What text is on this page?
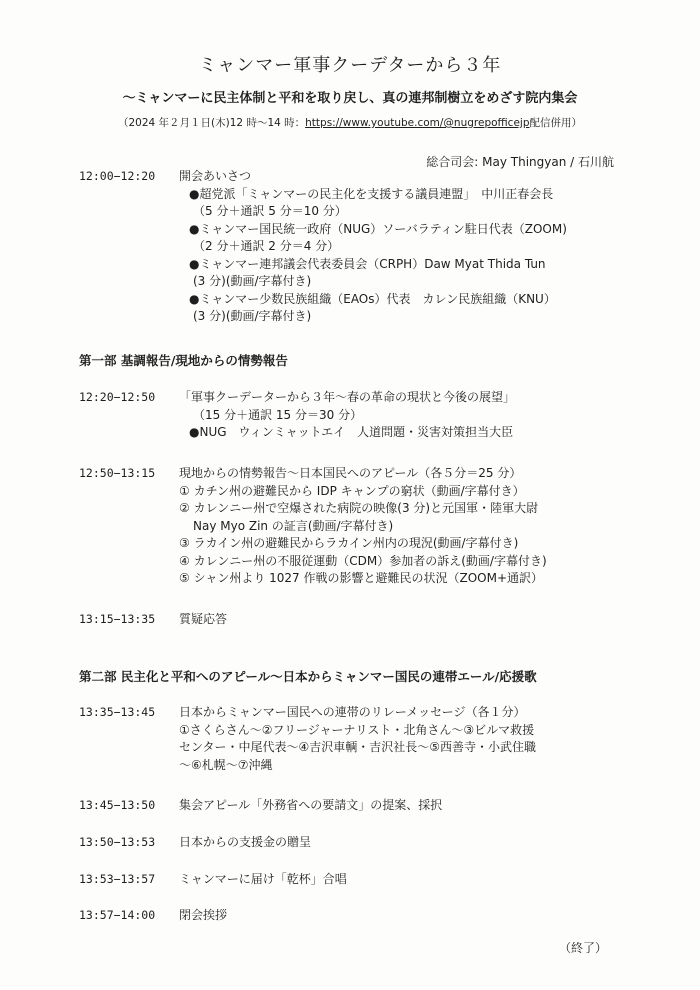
ミャンマー軍事クーデターから３年
〜ミャンマーに民主体制と平和を取り戻し、真の連邦制樹立をめざす院内集会
（2024 年２月１日(木)12 時〜14 時：https://www.youtube.com/@nugrepofficejp配信併用）
総合司会: May Thingyan / 石川航
12:00−12:20	開会あいさつ
●超党派「ミャンマーの民主化を支援する議員連盟」　中川正春会長
（5 分＋通訳 5 分＝10 分）
●ミャンマー国民統一政府（NUG）ソーバラティン駐日代表（ZOOM)
（2 分＋通訳 2 分＝4 分）
●ミャンマー連邦議会代表委員会（CRPH）Daw Myat Thida Tun
(3 分)(動画/字幕付き)
●ミャンマー少数民族組織（EAOs）代表　カレン民族組織（KNU）
(3 分)(動画/字幕付き)
第一部 基調報告/現地からの情勢報告
12:20−12:50	「軍事クーデーターから３年〜春の革命の現状と今後の展望」
（15 分＋通訳 15 分＝30 分）
●NUG　ウィンミャットエイ　人道問題・災害対策担当大臣
12:50−13:15	現地からの情勢報告〜日本国民へのアピール（各５分＝25 分）
① カチン州の避難民から IDP キャンプの窮状（動画/字幕付き）
② カレンニー州で空爆された病院の映像(3 分)と元国軍・陸軍大尉
Nay Myo Zin の証言(動画/字幕付き)
③ ラカイン州の避難民からラカイン州内の現況(動画/字幕付き)
④ カレンニー州の不服従運動（CDM）参加者の訴え(動画/字幕付き)
⑤ シャン州より 1027 作戦の影響と避難民の状況（ZOOM+通訳）
13:15−13:35	質疑応答
第二部 民主化と平和へのアピール〜日本からミャンマー国民の連帯エール/応援歌
13:35−13:45	日本からミャンマー国民への連帯のリレーメッセージ（各１分）
①さくらさん〜②フリージャーナリスト・北角さん〜③ビルマ救援
センター・中尾代表〜④吉沢車輌・吉沢社長〜⑤西善寺・小武住職
〜⑥札幌〜⑦沖縄
13:45−13:50	集会アピール「外務省への要請文」の提案、採択
13:50−13:53	日本からの支援金の贈呈
13:53−13:57	ミャンマーに届け「乾杯」合唱
13:57−14:00	閉会挨拶
（終了）
